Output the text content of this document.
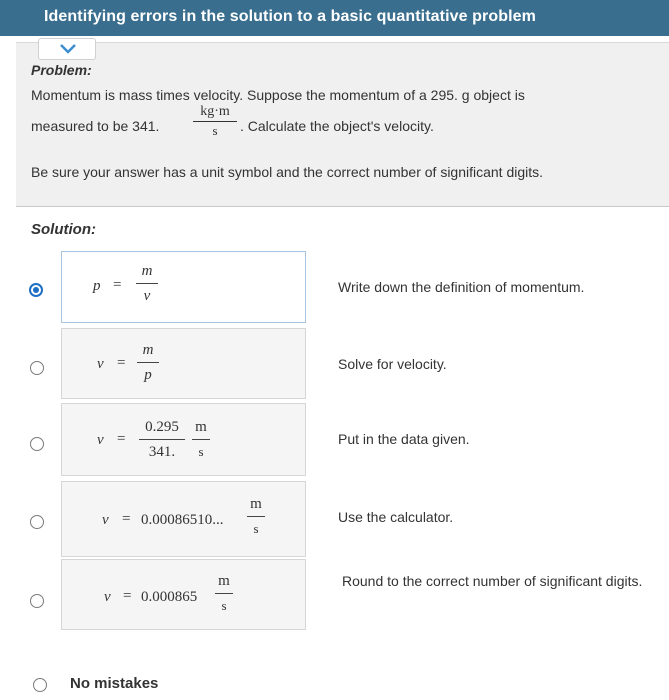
Identifying errors in the solution to a basic quantitative problem
Problem:
Momentum is mass times velocity. Suppose the momentum of a 295. g object is
measured to be 341.
kg·m
s	. Calculate the object's velocity.
Be sure your answer has a unit symbol and the correct number of significant digits.
Solution:
p =
m
v
Write down the definition of momentum.
v =
m
p
Solve for velocity.
v =
0.295
341.
m
s
Put in the data given.
v = 0.00086510...
m
s
Use the calculator.
v = 0.000865
m
s
Round to the correct number of significant digits.
No mistakes
